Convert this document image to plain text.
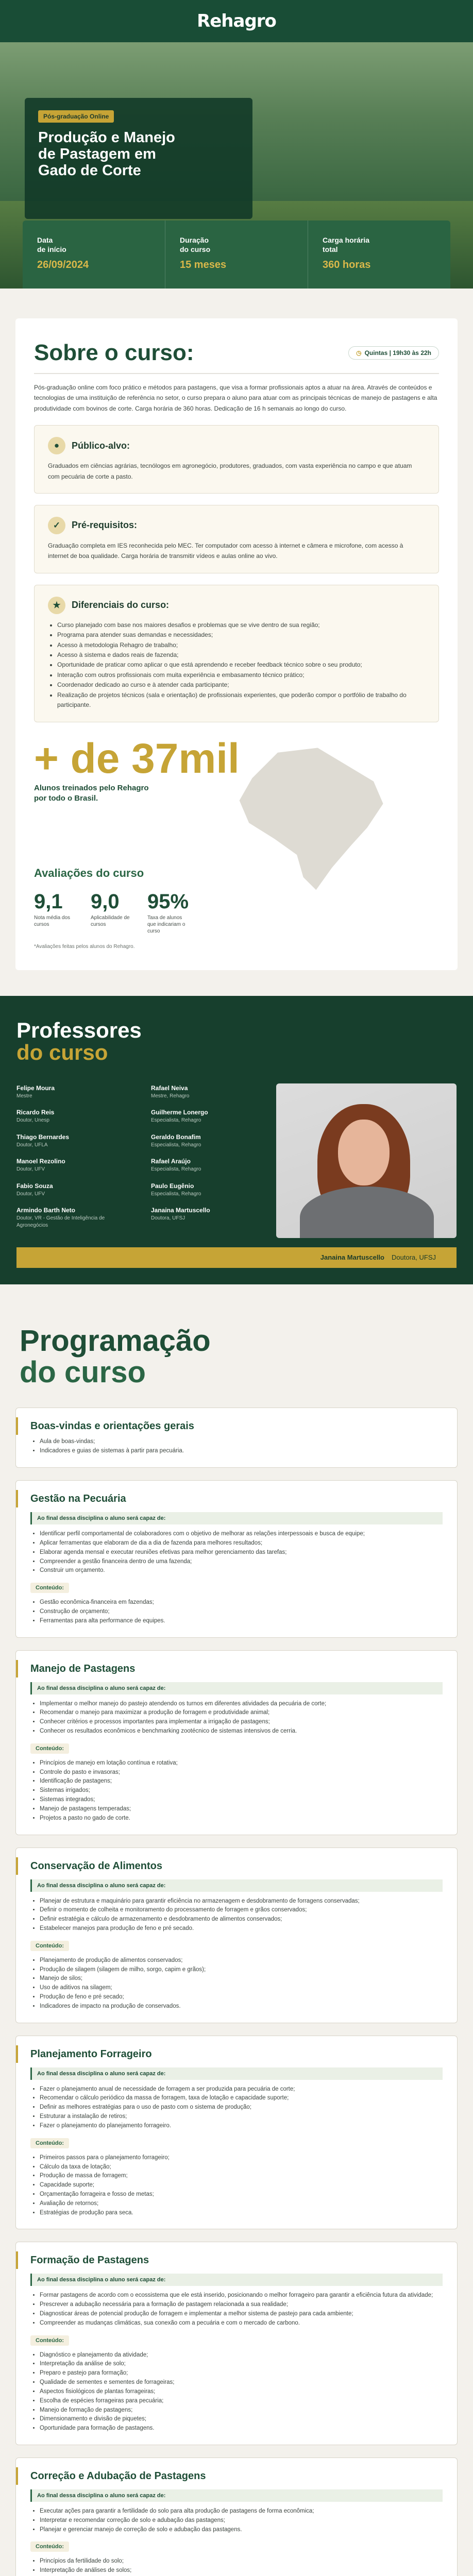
Rehagro
Pós-graduação Online
Produção e Manejo
de Pastagem em
Gado de Corte
Data
de início
26/09/2024
Duração
do curso
15 meses
Carga horária
total
360 horas
Sobre o curso:	◷ Quintas | 19h30 às 22h

Pós-graduação online com foco prático e métodos para pastagens, que visa a formar profissionais aptos a atuar na área. Através de conteúdos e tecnologias de uma instituição de referência no setor, o curso prepara o aluno para atuar com as principais técnicas de manejo de pastagens e alta produtividade com bovinos de corte. Carga horária de 360 horas. Dedicação de 16 h semanais ao longo do curso.

●	Público-alvo:

Graduados em ciências agrárias, tecnólogos em agronegócio, produtores, graduados, com vasta experiência no campo e que atuam com pecuária de corte a pasto.

✓	Pré-requisitos:

Graduação completa em IES reconhecida pelo MEC. Ter computador com acesso à internet e câmera e microfone, com acesso à internet de boa qualidade. Carga horária de transmitir vídeos e aulas online ao vivo.

★	Diferenciais do curso:
• Curso planejado com base nos maiores desafios e problemas que se vive dentro de sua região;
• Programa para atender suas demandas e necessidades;
• Acesso à metodologia Rehagro de trabalho;
• Acesso à sistema e dados reais de fazenda;
• Oportunidade de praticar como aplicar o que está aprendendo e receber feedback técnico sobre o seu produto;
• Interação com outros profissionais com muita experiência e embasamento técnico prático;
• Coordenador dedicado ao curso e à atender cada participante;
• Realização de projetos técnicos (sala e orientação) de profissionais experientes, que poderão compor o portfólio de trabalho do participante.
+ de 37mil
Alunos treinados pelo Rehagro por todo o Brasil.
Avaliações do curso
9,1
Nota média dos cursos
9,0
Aplicabilidade de cursos
95%
Taxa de alunos que indicariam o curso
*Avaliações feitas pelos alunos do Rehagro.
Professores
do curso
Felipe Moura
Mestre
Rafael Neiva
Mestre, Rehagro
Ricardo Reis
Doutor, Unesp
Guilherme Lonergo
Especialista, Rehagro
Thiago Bernardes
Doutor, UFLA
Geraldo Bonafim
Especialista, Rehagro
Manoel Rezolino
Doutor, UFV
Rafael Araújo
Especialista, Rehagro
Fabio Souza
Doutor, UFV
Paulo Eugênio
Especialista, Rehagro
Armindo Barth Neto
Doutor, VR - Gestão de Inteligência de Agronegócios
Janaina Martuscello
Doutora, UFSJ
Janaina Martuscello Doutora, UFSJ
Programação
do curso
Boas-vindas e orientações gerais
• Aula de boas-vindas;
• Indicadores e guias de sistemas à partir para pecuária.
Gestão na Pecuária
Ao final dessa disciplina o aluno será capaz de:
• Identificar perfil comportamental de colaboradores com o objetivo de melhorar as relações interpessoais e busca de equipe;
• Aplicar ferramentas que elaboram de dia a dia de fazenda para melhores resultados;
• Elaborar agenda mensal e executar reuniões efetivas para melhor gerenciamento das tarefas;
• Compreender a gestão financeira dentro de uma fazenda;
• Construir um orçamento.
Conteúdo:
• Gestão econômica-financeira em fazendas;
• Construção de orçamento;
• Ferramentas para alta performance de equipes.
Manejo de Pastagens
Ao final dessa disciplina o aluno será capaz de:
• Implementar o melhor manejo do pastejo atendendo os turnos em diferentes atividades da pecuária de corte;
• Recomendar o manejo para maximizar a produção de forragem e produtividade animal;
• Conhecer critérios e processos importantes para implementar a irrigação de pastagens;
• Conhecer os resultados econômicos e benchmarking zootécnico de sistemas intensivos de cerria.
Conteúdo:
• Princípios de manejo em lotação contínua e rotativa;
• Controle do pasto e invasoras;
• Identificação de pastagens;
• Sistemas irrigados;
• Sistemas integrados;
• Manejo de pastagens temperadas;
• Projetos a pasto no gado de corte.
Conservação de Alimentos
Ao final dessa disciplina o aluno será capaz de:
• Planejar de estrutura e maquinário para garantir eficiência no armazenagem e desdobramento de forragens conservadas;
• Definir o momento de colheita e monitoramento do processamento de forragem e grãos conservados;
• Definir estratégia e cálculo de armazenamento e desdobramento de alimentos conservados;
• Estabelecer manejos para produção de feno e pré secado.
Conteúdo:
• Planejamento de produção de alimentos conservados;
• Produção de silagem (silagem de milho, sorgo, capim e grãos);
• Manejo de silos;
• Uso de aditivos na silagem;
• Produção de feno e pré secado;
• Indicadores de impacto na produção de conservados.
Planejamento Forrageiro
Ao final dessa disciplina o aluno será capaz de:
• Fazer o planejamento anual de necessidade de forragem a ser produzida para pecuária de corte;
• Recomendar o cálculo periódico da massa de forragem, taxa de lotação e capacidade suporte;
• Definir as melhores estratégias para o uso de pasto com o sistema de produção;
• Estruturar a instalação de retiros;
• Fazer o planejamento do planejamento forrageiro.
Conteúdo:
• Primeiros passos para o planejamento forrageiro;
• Cálculo da taxa de lotação;
• Produção de massa de forragem;
• Capacidade suporte;
• Orçamentação forrageira e fosso de metas;
• Avaliação de retornos;
• Estratégias de produção para seca.
Formação de Pastagens
Ao final dessa disciplina o aluno será capaz de:
• Formar pastagens de acordo com o ecossistema que ele está inserido, posicionando o melhor forrageiro para garantir a eficiência futura da atividade;
• Prescrever a adubação necessária para a formação de pastagem relacionada a sua realidade;
• Diagnosticar áreas de potencial produção de forragem e implementar a melhor sistema de pastejo para cada ambiente;
• Compreender as mudanças climáticas, sua conexão com a pecuária e com o mercado de carbono.
Conteúdo:
• Diagnóstico e planejamento da atividade;
• Interpretação da análise de solo;
• Preparo e pastejo para formação;
• Qualidade de sementes e sementes de forrageiras;
• Aspectos fisiológicos de plantas forrageiras;
• Escolha de espécies forrageiras para pecuária;
• Manejo de formação de pastagens;
• Dimensionamento e divisão de piquetes;
• Oportunidade para formação de pastagens.
Correção e Adubação de Pastagens
Ao final dessa disciplina o aluno será capaz de:
• Executar ações para garantir a fertilidade do solo para alta produção de pastagens de forma econômica;
• Interpretar e recomendar correção de solo e adubação das pastagens;
• Planejar e gerenciar manejo de correção de solo e adubação das pastagens.
Conteúdo:
• Princípios da fertilidade do solo;
• Interpretação de análises de solos;
•
